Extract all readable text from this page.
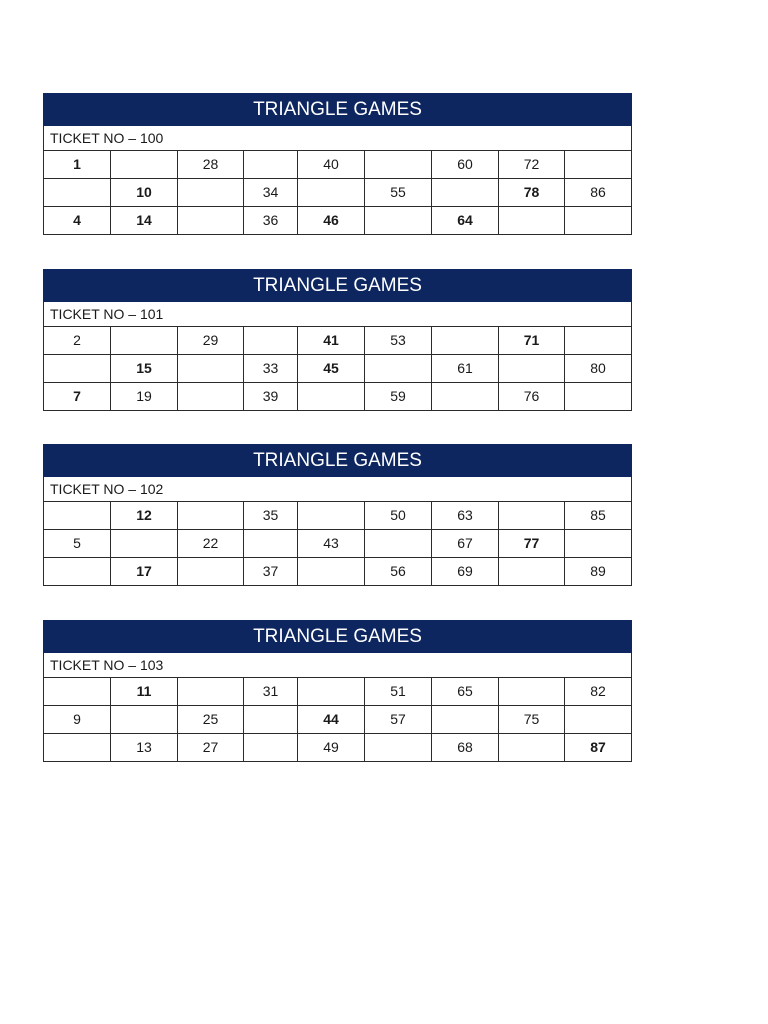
TRIANGLE GAMES								
TICKET NO – 100								
1		28		40		60	72	
	10		34		55		78	86
4	14		36	46		64		
TRIANGLE GAMES								
TICKET NO – 101								
2		29		41	53		71	
	15		33	45		61		80
7	19		39		59		76	
TRIANGLE GAMES								
TICKET NO – 102								
	12		35		50	63		85
5		22		43		67	77	
	17		37		56	69		89
TRIANGLE GAMES								
TICKET NO – 103								
	11		31		51	65		82
9		25		44	57		75	
	13	27		49		68		87
